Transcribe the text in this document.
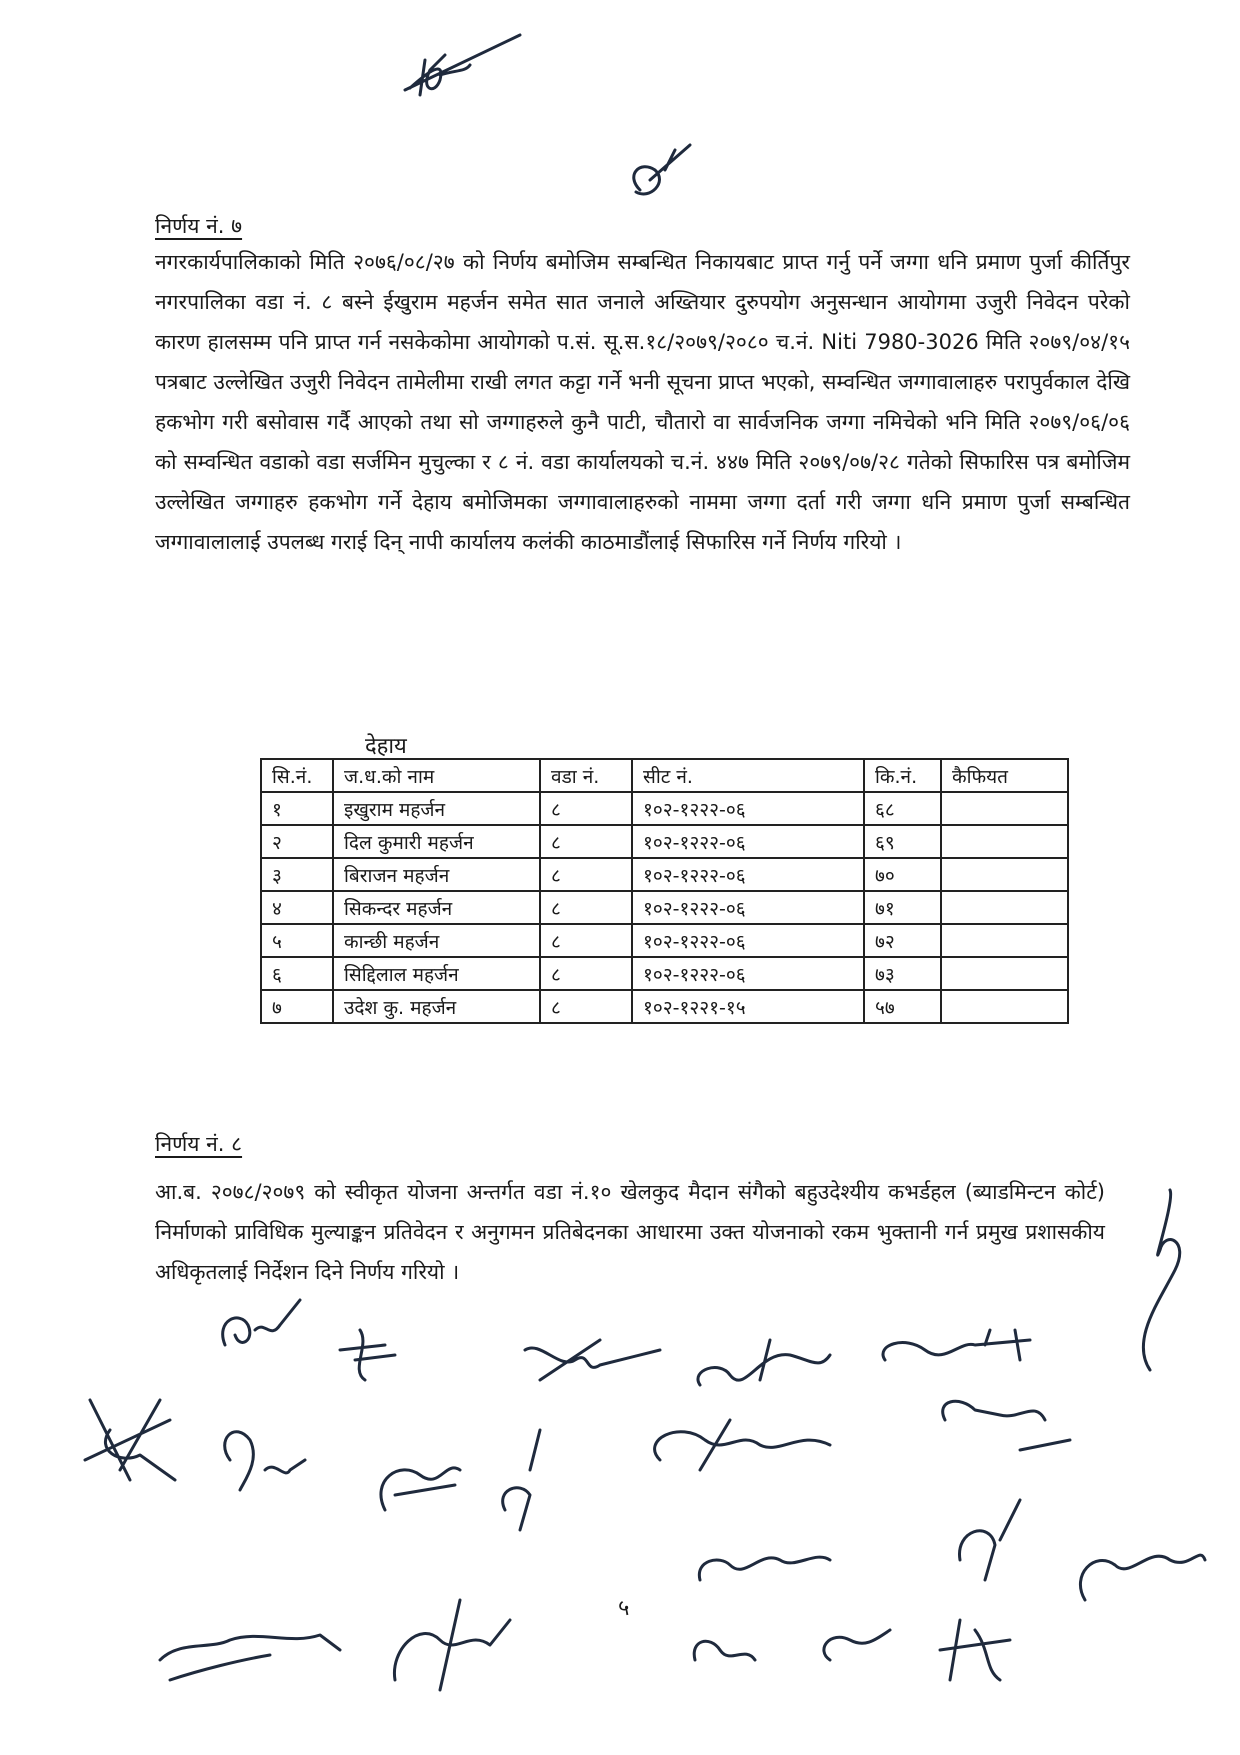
निर्णय नं. ७
नगरकार्यपालिकाको मिति २०७६/०८/२७ को निर्णय बमोजिम सम्बन्धित निकायबाट प्राप्त गर्नु पर्ने जग्गा धनि प्रमाण पुर्जा कीर्तिपुर नगरपालिका वडा नं. ८ बस्ने ईखुराम महर्जन समेत सात जनाले अख्तियार दुरुपयोग अनुसन्धान आयोगमा उजुरी निवेदन परेको कारण हालसम्म पनि प्राप्त गर्न नसकेकोमा आयोगको प.सं. सू.स.१८/२०७९/२०८० च.नं. Niti 7980-3026 मिति २०७९/०४/१५ पत्रबाट उल्लेखित उजुरी निवेदन तामेलीमा राखी लगत कट्टा गर्ने भनी सूचना प्राप्त भएको, सम्वन्धित जग्गावालाहरु परापुर्वकाल देखि हकभोग गरी बसोवास गर्दै आएको तथा सो जग्गाहरुले कुनै पाटी, चौतारो वा सार्वजनिक जग्गा नमिचेको भनि मिति २०७९/०६/०६ को सम्वन्धित वडाको वडा सर्जमिन मुचुल्का र ८ नं. वडा कार्यालयको च.नं. ४४७ मिति २०७९/०७/२८ गतेको सिफारिस पत्र बमोजिम उल्लेखित जग्गाहरु हकभोग गर्ने देहाय बमोजिमका जग्गावालाहरुको नाममा जग्गा दर्ता गरी जग्गा धनि प्रमाण पुर्जा सम्बन्धित जग्गावालालाई उपलब्ध गराई दिन् नापी कार्यालय कलंकी काठमाडौंलाई सिफारिस गर्ने निर्णय गरियो ।
देहाय
सि.नं.	ज.ध.को नाम	वडा नं.	सीट नं.	कि.नं.	कैफियत
१	इखुराम महर्जन	८	१०२-१२२२-०६	६८	
२	दिल कुमारी महर्जन	८	१०२-१२२२-०६	६९	
३	बिराजन महर्जन	८	१०२-१२२२-०६	७०	
४	सिकन्दर महर्जन	८	१०२-१२२२-०६	७१	
५	कान्छी महर्जन	८	१०२-१२२२-०६	७२	
६	सिद्दिलाल महर्जन	८	१०२-१२२२-०६	७३	
७	उदेश कु. महर्जन	८	१०२-१२२१-१५	५७	
निर्णय नं. ८
आ.ब. २०७८/२०७९ को स्वीकृत योजना अन्तर्गत वडा नं.१० खेलकुद मैदान संगैको बहुउदेश्यीय कभर्डहल (ब्याडमिन्टन कोर्ट) निर्माणको प्राविधिक मुल्याङ्कन प्रतिवेदन र अनुगमन प्रतिबेदनका आधारमा उक्त योजनाको रकम भुक्तानी गर्न प्रमुख प्रशासकीय अधिकृतलाई निर्देशन दिने निर्णय गरियो ।
५
